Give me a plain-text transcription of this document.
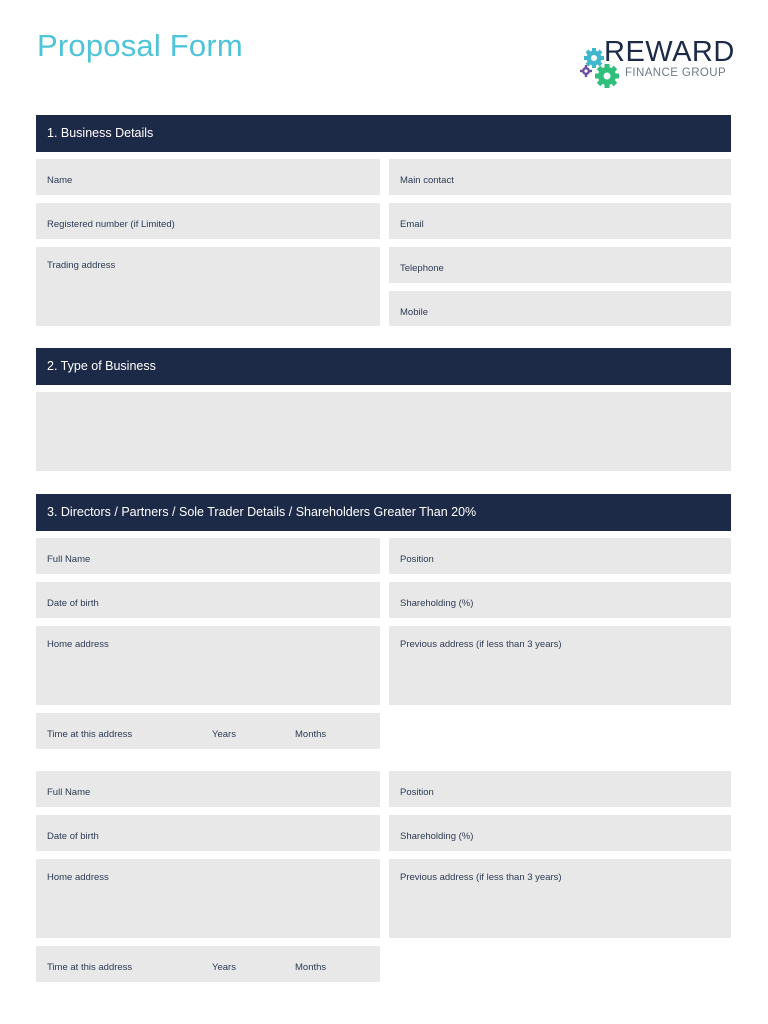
Proposal Form	REWARD
FINANCE GROUP
1. Business Details
Name	Main contact
Registered number (if Limited)	Email
Trading address	Telephone
Mobile
2. Type of Business
3. Directors / Partners / Sole Trader Details / Shareholders Greater Than 20%
Full Name	Position
Date of birth	Shareholding (%)
Home address	Previous address (if less than 3 years)
Time at this address	Years	Months
Full Name	Position
Date of birth	Shareholding (%)
Home address	Previous address (if less than 3 years)
Time at this address	Years	Months
